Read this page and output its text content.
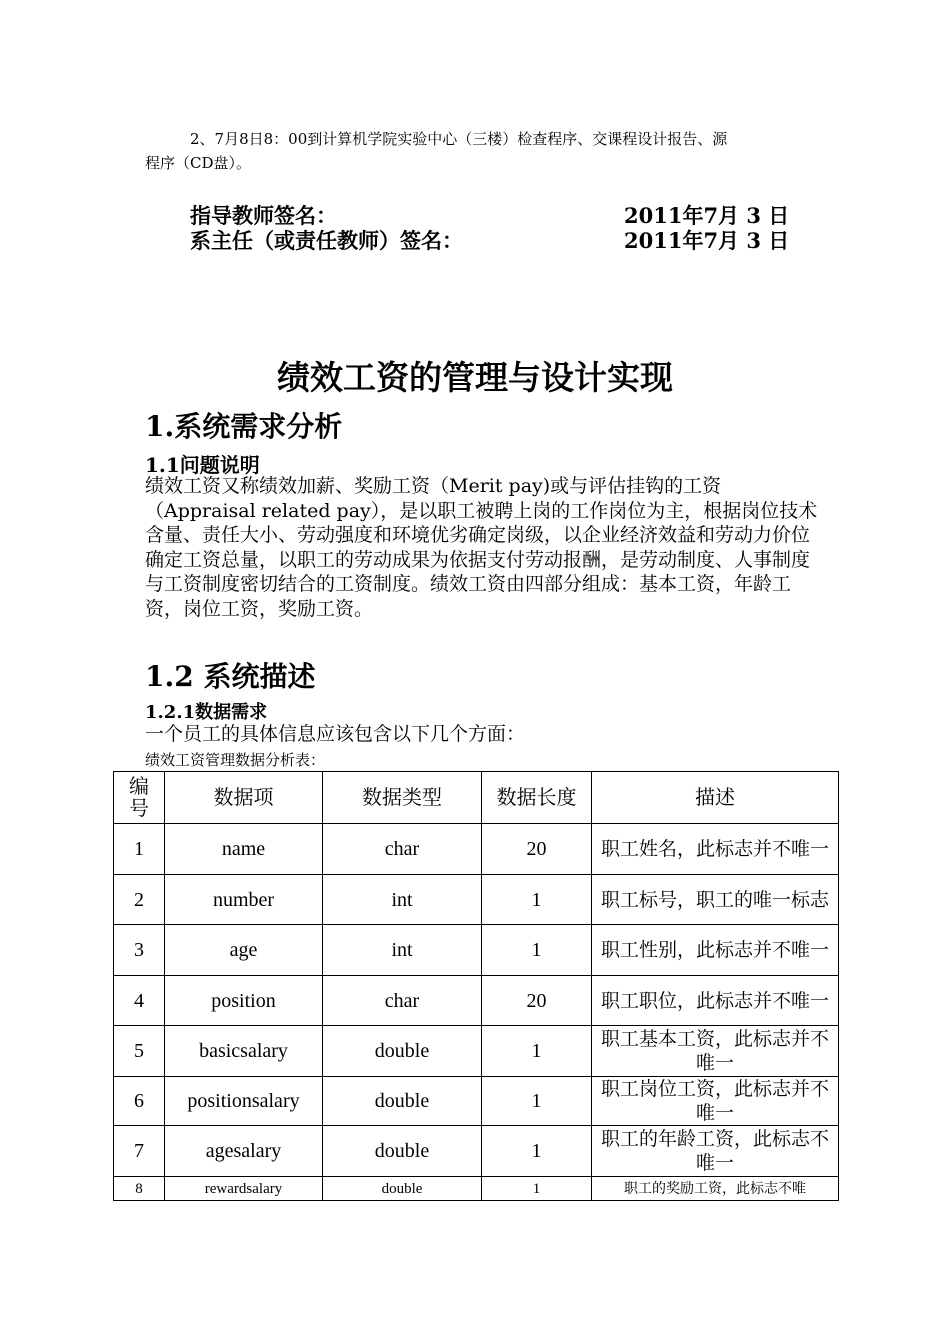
2、7月8日8：00到计算机学院实验中心（三楼）检查程序、交课程设计报告、源
程序（CD盘）。
指导教师签名：	2011年7月 3 日
系主任（或责任教师）签名：	2011年7月 3 日
绩效工资的管理与设计实现
1.系统需求分析
1.1问题说明
绩效工资又称绩效加薪、奖励工资（Merit pay)或与评估挂钩的工资（Appraisal related pay），是以职工被聘上岗的工作岗位为主，根据岗位技术含量、责任大小、劳动强度和环境优劣确定岗级，以企业经济效益和劳动力价位确定工资总量，以职工的劳动成果为依据支付劳动报酬，是劳动制度、人事制度与工资制度密切结合的工资制度。绩效工资由四部分组成：基本工资，年龄工资，岗位工资，奖励工资。
1.2 系统描述
1.2.1数据需求
一个员工的具体信息应该包含以下几个方面：
绩效工资管理数据分析表：
编号	数据项	数据类型	数据长度	描述
1	name	char	20	职工姓名，此标志并不唯一
2	number	int	1	职工标号，职工的唯一标志
3	age	int	1	职工性别，此标志并不唯一
4	position	char	20	职工职位，此标志并不唯一
5	basicsalary	double	1	职工基本工资，此标志并不唯一
6	positionsalary	double	1	职工岗位工资，此标志并不唯一
7	agesalary	double	1	职工的年龄工资，此标志不唯一
8	rewardsalary	double	1	职工的奖励工资，此标志不唯
